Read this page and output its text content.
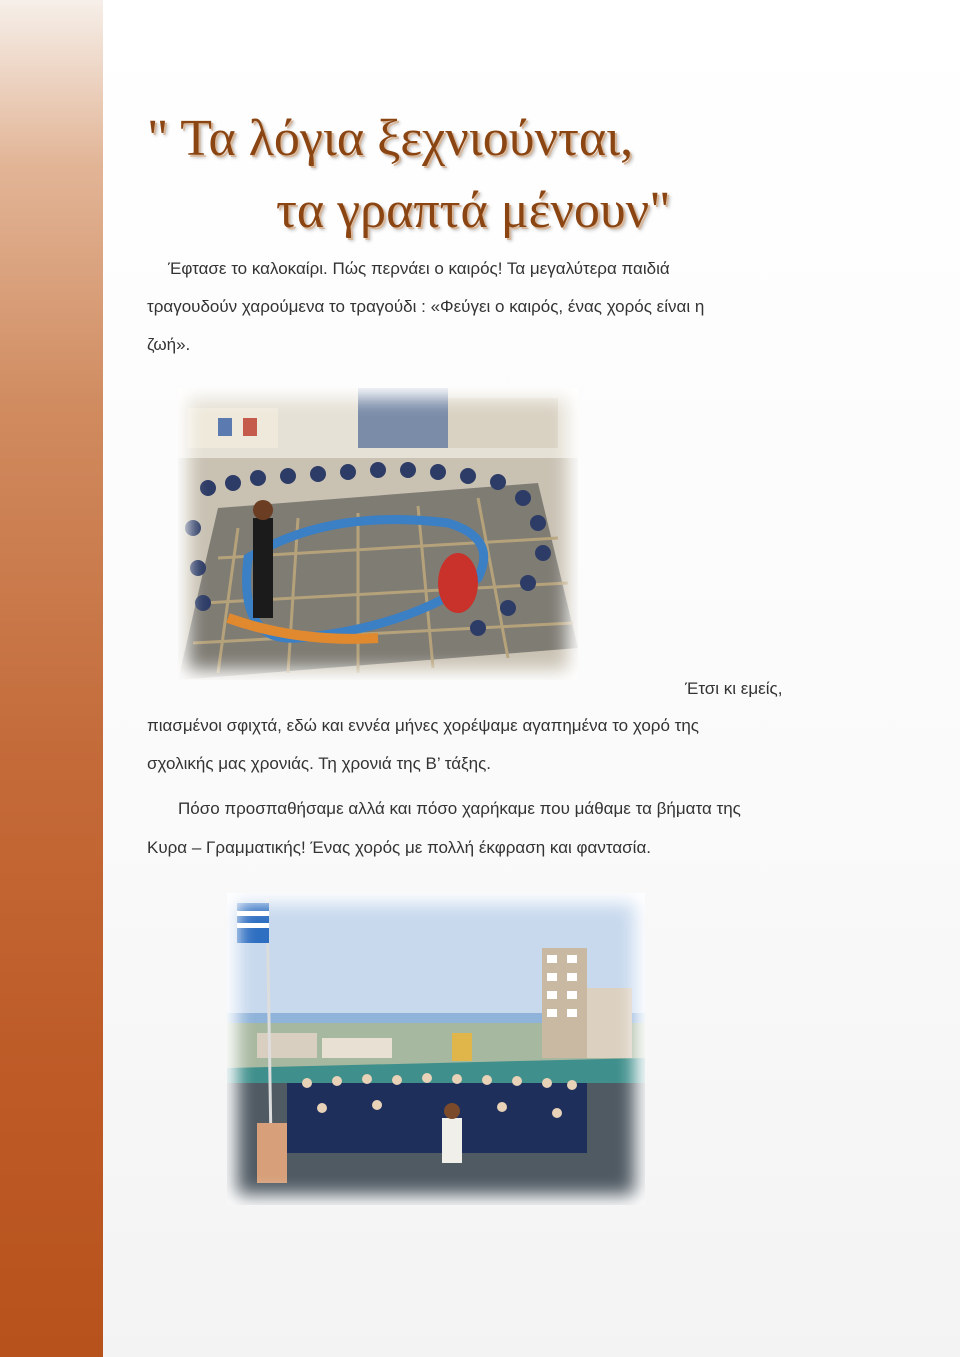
" Τα λόγια ξεχνιούνται,
τα γραπτά μένουν"
Έφτασε το καλοκαίρι. Πώς περνάει ο καιρός! Τα μεγαλύτερα παιδιά
τραγουδούν χαρούμενα το τραγούδι : «Φεύγει ο καιρός, ένας χορός είναι η
ζωή».
Έτσι κι εμείς,
πιασμένοι σφιχτά, εδώ και εννέα μήνες χορέψαμε αγαπημένα το χορό της
σχολικής μας χρονιάς. Τη χρονιά της Β’ τάξης.
Πόσο προσπαθήσαμε αλλά και πόσο χαρήκαμε που μάθαμε τα βήματα της
Κυρα – Γραμματικής! Ένας χορός με πολλή έκφραση και φαντασία.
